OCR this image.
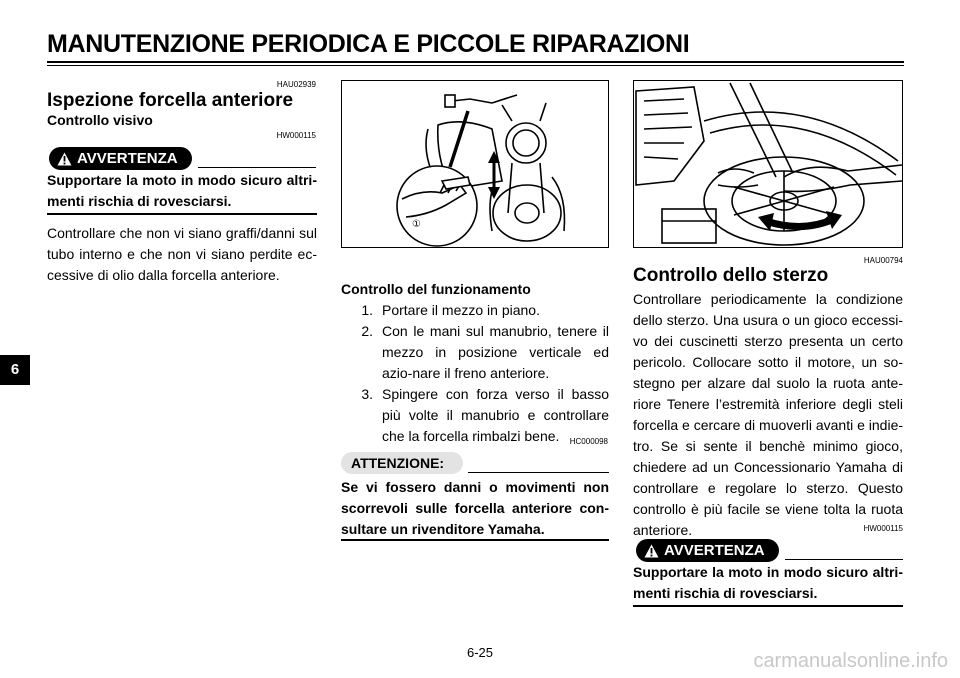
MANUTENZIONE PERIODICA E PICCOLE RIPARAZIONI
6
HAU02939
Ispezione forcella anteriore
Controllo visivo
HW000115
AVVERTENZA
Supportare la moto in modo sicuro altri-menti rischia di rovesciarsi.
Controllare che non vi siano graffi/danni sul tubo interno e che non vi siano perdite ec-cessive di olio dalla forcella anteriore.
①
Controllo del funzionamento
1. Portare il mezzo in piano.
2. Con le mani sul manubrio, tenere il mezzo in posizione verticale ed azio-nare il freno anteriore.
3. Spingere con forza verso il basso più volte il manubrio e controllare che la forcella rimbalzi bene.	HC000098
ATTENZIONE:
Se vi fossero danni o movimenti non scorrevoli sulle forcella anteriore con-sultare un rivenditore Yamaha.
HAU00794
Controllo dello sterzo
Controllare periodicamente la condizione dello sterzo. Una usura o un gioco eccessi-vo dei cuscinetti sterzo presenta un certo pericolo. Collocare sotto il motore, un so-stegno per alzare dal suolo la ruota ante-riore Tenere l’estremità inferiore degli steli forcella e cercare di muoverli avanti e indie-tro. Se si sente il benchè minimo gioco, chiedere ad un Concessionario Yamaha di controllare e regolare lo sterzo. Questo controllo è più facile se viene tolta la ruota anteriore.	HW000115
AVVERTENZA
Supportare la moto in modo sicuro altri-menti rischia di rovesciarsi.
6-25	carmanualsonline.info
